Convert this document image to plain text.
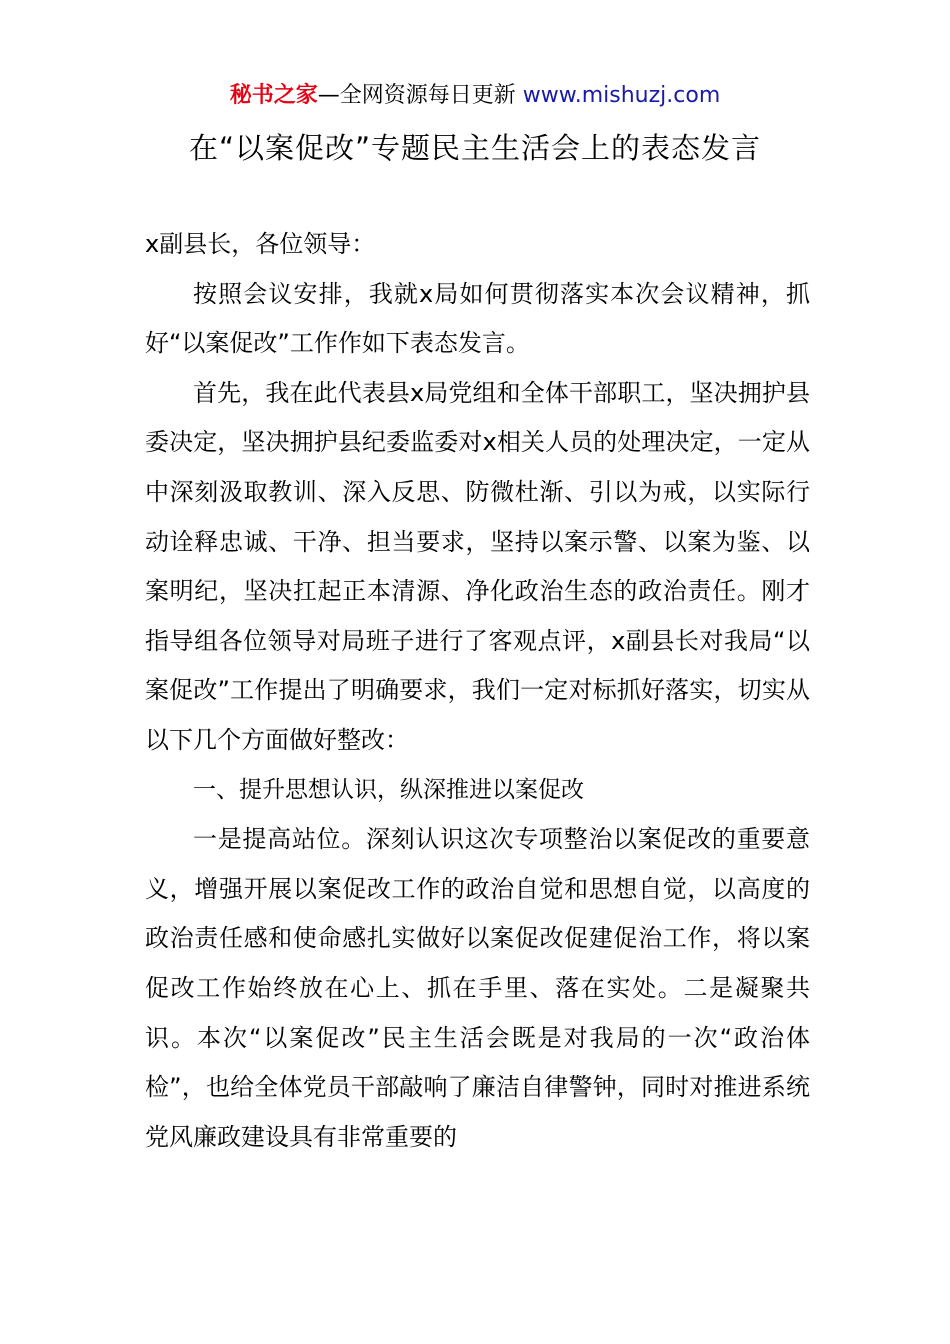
秘书之家—全网资源每日更新 www.mishuzj.com
在“以案促改”专题民主生活会上的表态发言

x副县长，各位领导：

按照会议安排，我就x局如何贯彻落实本次会议精神，抓好“以案促改”工作作如下表态发言。

首先，我在此代表县x局党组和全体干部职工，坚决拥护县委决定，坚决拥护县纪委监委对x相关人员的处理决定，一定从中深刻汲取教训、深入反思、防微杜渐、引以为戒，以实际行动诠释忠诚、干净、担当要求，坚持以案示警、以案为鉴、以案明纪，坚决扛起正本清源、净化政治生态的政治责任。刚才指导组各位领导对局班子进行了客观点评，x副县长对我局“以案促改”工作提出了明确要求，我们一定对标抓好落实，切实从以下几个方面做好整改：

一、提升思想认识，纵深推进以案促改

一是提高站位。深刻认识这次专项整治以案促改的重要意义，增强开展以案促改工作的政治自觉和思想自觉，以高度的政治责任感和使命感扎实做好以案促改促建促治工作，将以案促改工作始终放在心上、抓在手里、落在实处。二是凝聚共识。本次“以案促改”民主生活会既是对我局的一次“政治体检”，也给全体党员干部敲响了廉洁自律警钟，同时对推进系统党风廉政建设具有非常重要的
